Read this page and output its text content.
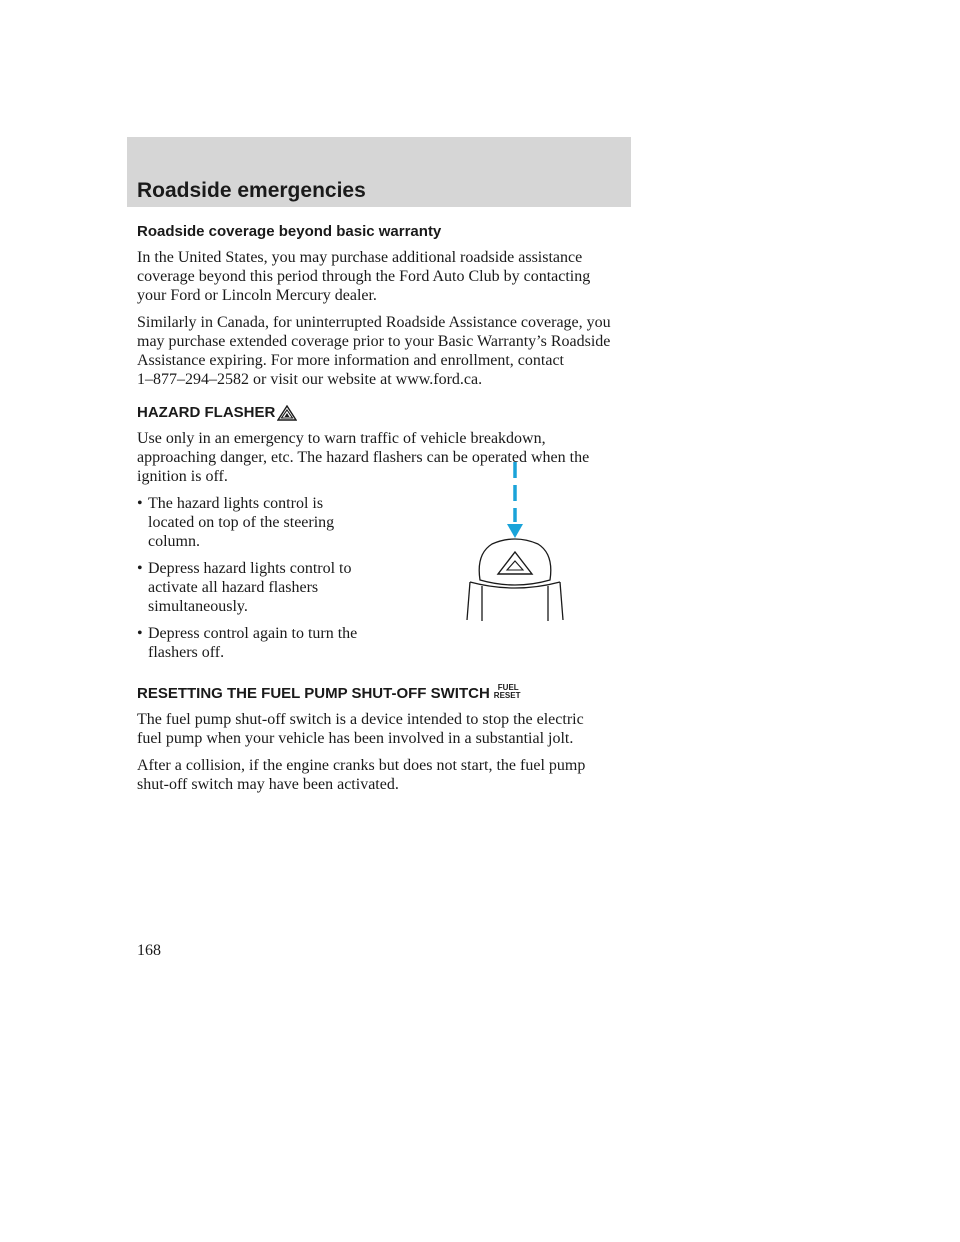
Roadside emergencies
Roadside coverage beyond basic warranty

In the United States, you may purchase additional roadside assistance
coverage beyond this period through the Ford Auto Club by contacting
your Ford or Lincoln Mercury dealer.

Similarly in Canada, for uninterrupted Roadside Assistance coverage, you
may purchase extended coverage prior to your Basic Warranty’s Roadside
Assistance expiring. For more information and enrollment, contact
1–877–294–2582 or visit our website at www.ford.ca.

HAZARD FLASHER

Use only in an emergency to warn traffic of vehicle breakdown,
approaching danger, etc. The hazard flashers can be operated when the
ignition is off.

• The hazard lights control is
located on top of the steering
column.
• Depress hazard lights control to
activate all hazard flashers
simultaneously.
• Depress control again to turn the
flashers off.
RESETTING THE FUEL PUMP SHUT-OFF SWITCH	FUEL
RESET

The fuel pump shut-off switch is a device intended to stop the electric
fuel pump when your vehicle has been involved in a substantial jolt.

After a collision, if the engine cranks but does not start, the fuel pump
shut-off switch may have been activated.

168
